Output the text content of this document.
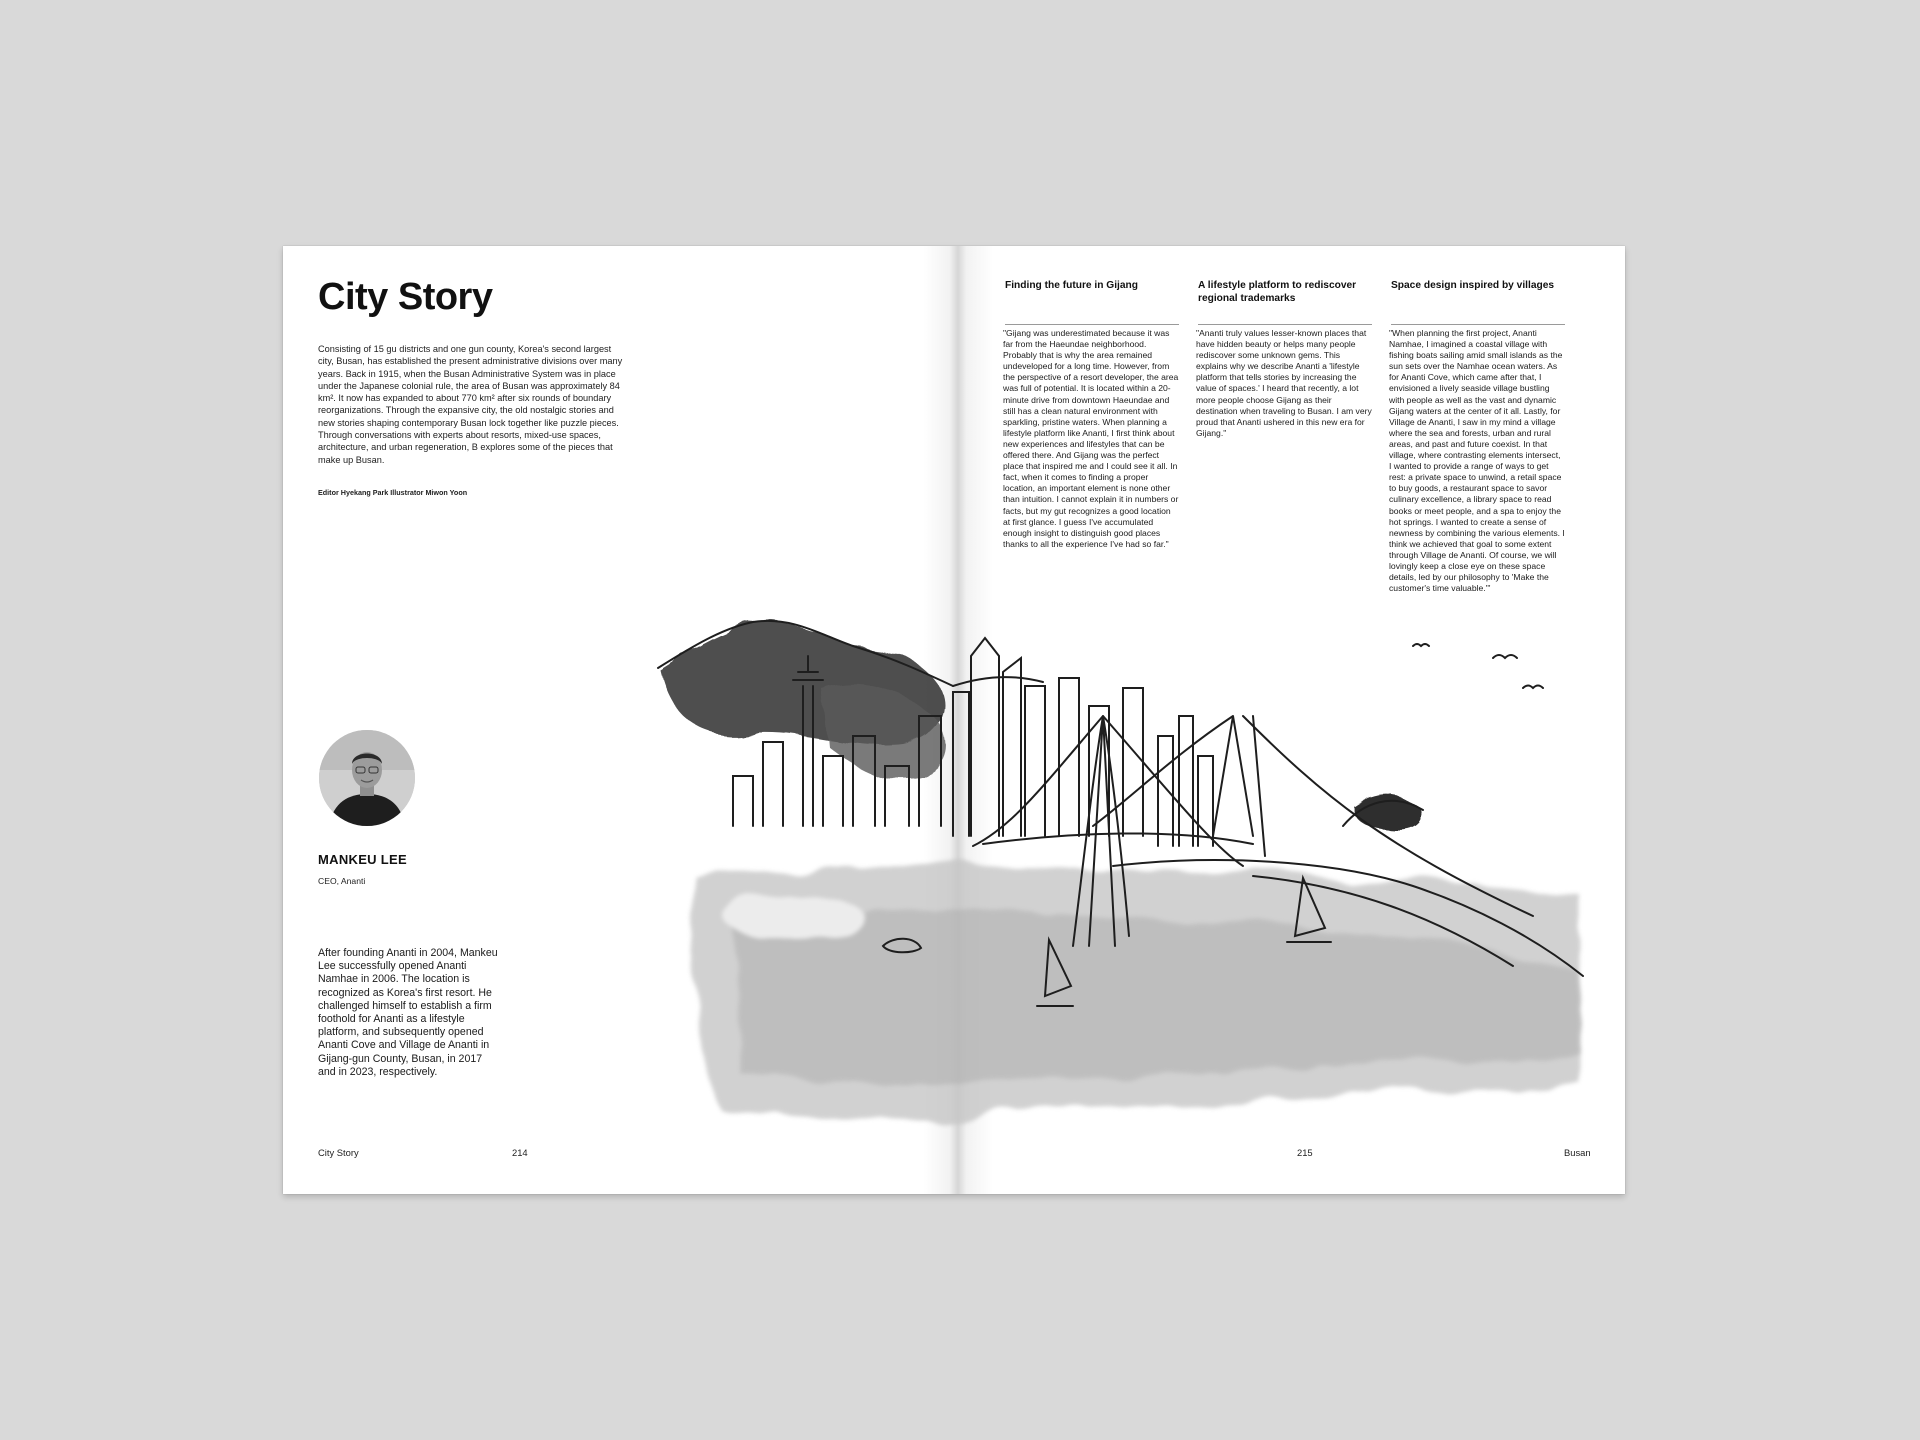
City Story

Consisting of 15 gu districts and one gun county, Korea's second largest city, Busan, has established the present administrative divisions over many years. Back in 1915, when the Busan Administrative System was in place under the Japanese colonial rule, the area of Busan was approximately 84 km². It now has expanded to about 770 km² after six rounds of boundary reorganizations. Through the expansive city, the old nostalgic stories and new stories shaping contemporary Busan lock together like puzzle pieces. Through conversations with experts about resorts, mixed-use spaces, architecture, and urban regeneration, B explores some of the pieces that make up Busan.

Editor Hyekang Park Illustrator Miwon Yoon
MANKEU LEE
CEO, Ananti

After founding Ananti in 2004, Mankeu Lee successfully opened Ananti Namhae in 2006. The location is recognized as Korea's first resort. He challenged himself to establish a firm foothold for Ananti as a lifestyle platform, and subsequently opened Ananti Cove and Village de Ananti in Gijang-gun County, Busan, in 2017 and in 2023, respectively.

City Story	214
Finding the future in Gijang

"Gijang was underestimated because it was far from the Haeundae neighborhood. Probably that is why the area remained undeveloped for a long time. However, from the perspective of a resort developer, the area was full of potential. It is located within a 20-minute drive from downtown Haeundae and still has a clean natural environment with sparkling, pristine waters. When planning a lifestyle platform like Ananti, I first think about new experiences and lifestyles that can be offered there. And Gijang was the perfect place that inspired me and I could see it all. In fact, when it comes to finding a proper location, an important element is none other than intuition. I cannot explain it in numbers or facts, but my gut recognizes a good location at first glance. I guess I've accumulated enough insight to distinguish good places thanks to all the experience I've had so far."

A lifestyle platform to rediscover regional trademarks

"Ananti truly values lesser-known places that have hidden beauty or helps many people rediscover some unknown gems. This explains why we describe Ananti a 'lifestyle platform that tells stories by increasing the value of spaces.' I heard that recently, a lot more people choose Gijang as their destination when traveling to Busan. I am very proud that Ananti ushered in this new era for Gijang."

Space design inspired by villages

"When planning the first project, Ananti Namhae, I imagined a coastal village with fishing boats sailing amid small islands as the sun sets over the Namhae ocean waters. As for Ananti Cove, which came after that, I envisioned a lively seaside village bustling with people as well as the vast and dynamic Gijang waters at the center of it all. Lastly, for Village de Ananti, I saw in my mind a village where the sea and forests, urban and rural areas, and past and future coexist. In that village, where contrasting elements intersect, I wanted to provide a range of ways to get rest: a private space to unwind, a retail space to buy goods, a restaurant space to savor culinary excellence, a library space to read books or meet people, and a spa to enjoy the hot springs. I wanted to create a sense of newness by combining the various elements. I think we achieved that goal to some extent through Village de Ananti. Of course, we will lovingly keep a close eye on these space details, led by our philosophy to 'Make the customer's time valuable.'"

215	Busan
